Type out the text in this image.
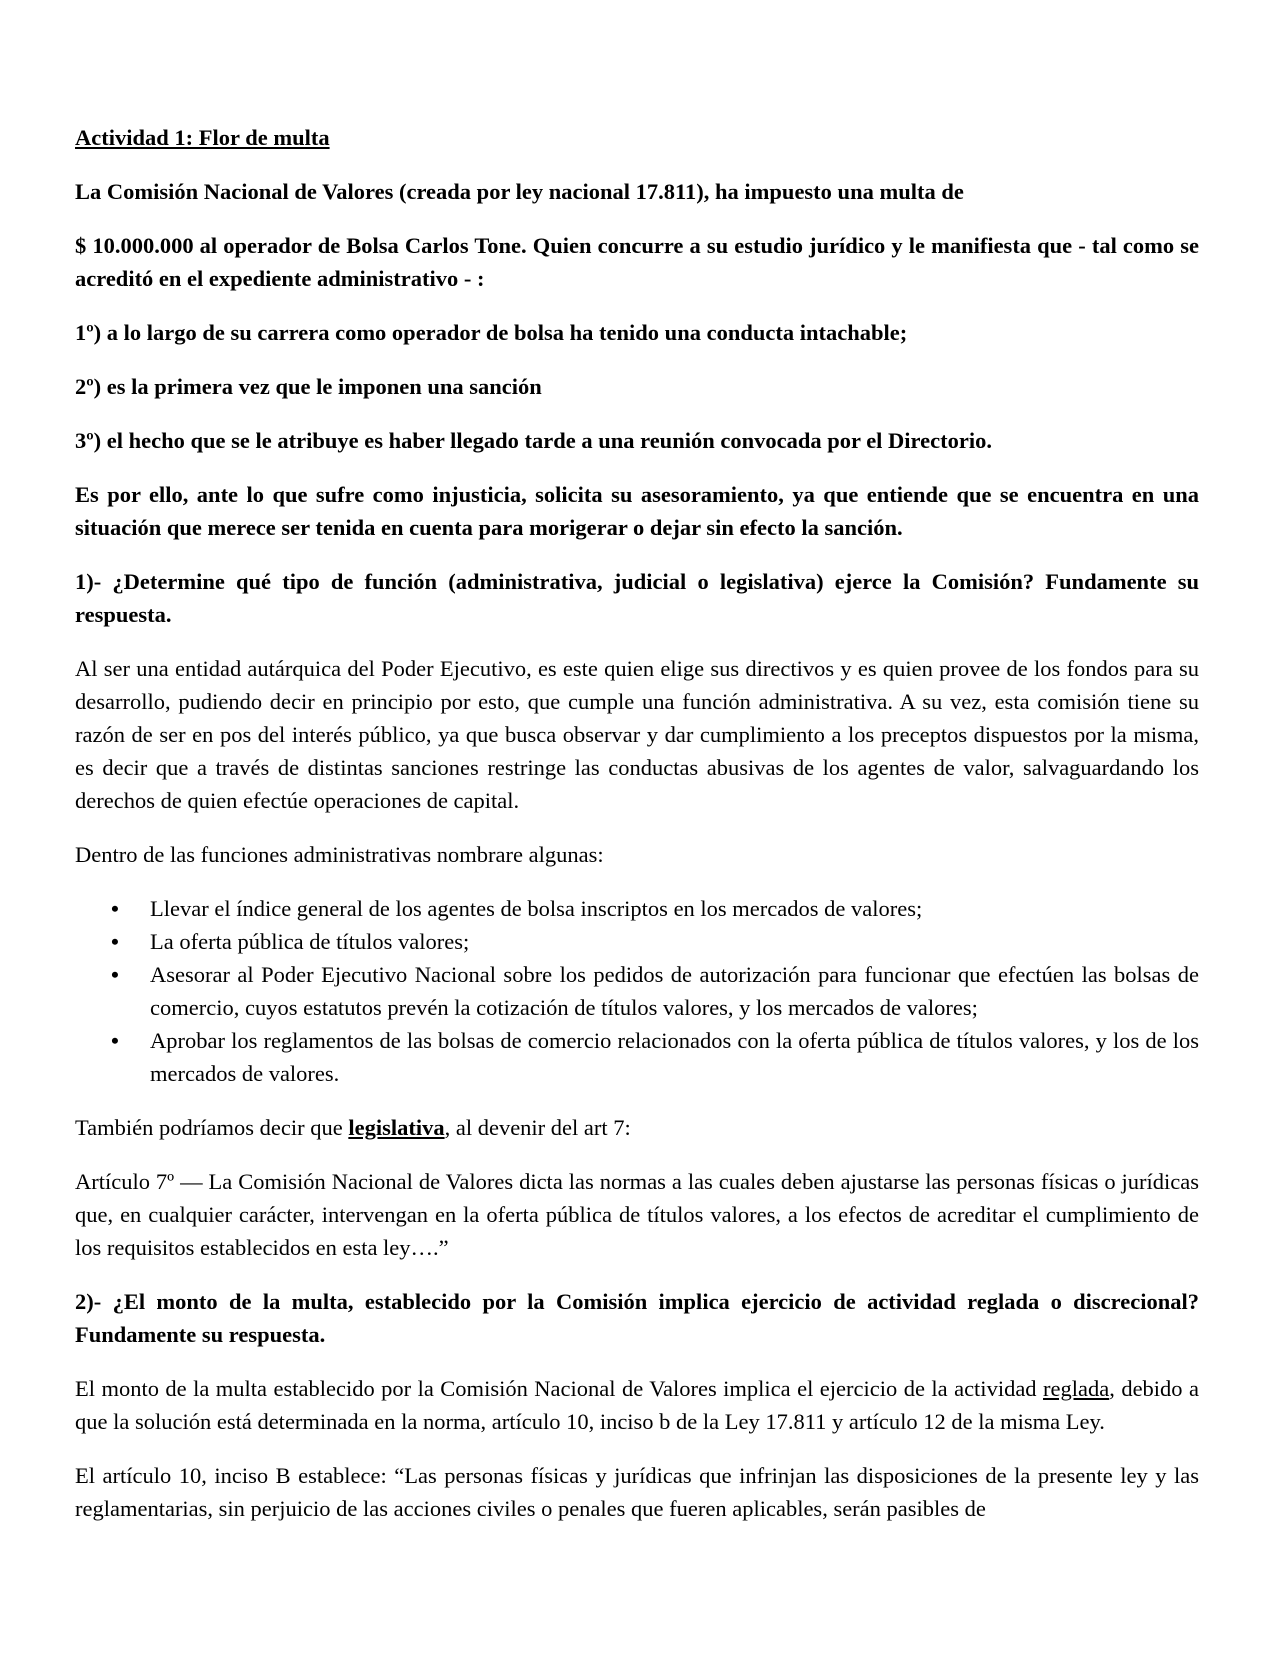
Actividad 1: Flor de multa

La Comisión Nacional de Valores (creada por ley nacional 17.811), ha impuesto una multa de

$ 10.000.000 al operador de Bolsa Carlos Tone. Quien concurre a su estudio jurídico y le manifiesta que - tal como se acreditó en el expediente administrativo - :

1º) a lo largo de su carrera como operador de bolsa ha tenido una conducta intachable;

2º) es la primera vez que le imponen una sanción

3º) el hecho que se le atribuye es haber llegado tarde a una reunión convocada por el Directorio.

Es por ello, ante lo que sufre como injusticia, solicita su asesoramiento, ya que entiende que se encuentra en una situación que merece ser tenida en cuenta para morigerar o dejar sin efecto la sanción.

1)- ¿Determine qué tipo de función (administrativa, judicial o legislativa) ejerce la Comisión? Fundamente su respuesta.

Al ser una entidad autárquica del Poder Ejecutivo, es este quien elige sus directivos y es quien provee de los fondos para su desarrollo, pudiendo decir en principio por esto, que cumple una función administrativa. A su vez, esta comisión tiene su razón de ser en pos del interés público, ya que busca observar y dar cumplimiento a los preceptos dispuestos por la misma, es decir que a través de distintas sanciones restringe las conductas abusivas de los agentes de valor, salvaguardando los derechos de quien efectúe operaciones de capital.

Dentro de las funciones administrativas nombrare algunas:

• Llevar el índice general de los agentes de bolsa inscriptos en los mercados de valores;
• La oferta pública de títulos valores;
• Asesorar al Poder Ejecutivo Nacional sobre los pedidos de autorización para funcionar que efectúen las bolsas de comercio, cuyos estatutos prevén la cotización de títulos valores, y los mercados de valores;
• Aprobar los reglamentos de las bolsas de comercio relacionados con la oferta pública de títulos valores, y los de los mercados de valores.

También podríamos decir que legislativa, al devenir del art 7:

Artículo 7º — La Comisión Nacional de Valores dicta las normas a las cuales deben ajustarse las personas físicas o jurídicas que, en cualquier carácter, intervengan en la oferta pública de títulos valores, a los efectos de acreditar el cumplimiento de los requisitos establecidos en esta ley….”

2)- ¿El monto de la multa, establecido por la Comisión implica ejercicio de actividad reglada o discrecional? Fundamente su respuesta.

El monto de la multa establecido por la Comisión Nacional de Valores implica el ejercicio de la actividad reglada, debido a que la solución está determinada en la norma, artículo 10, inciso b de la Ley 17.811 y artículo 12 de la misma Ley.

El artículo 10, inciso B establece: “Las personas físicas y jurídicas que infrinjan las disposiciones de la presente ley y las reglamentarias, sin perjuicio de las acciones civiles o penales que fueren aplicables, serán pasibles de
